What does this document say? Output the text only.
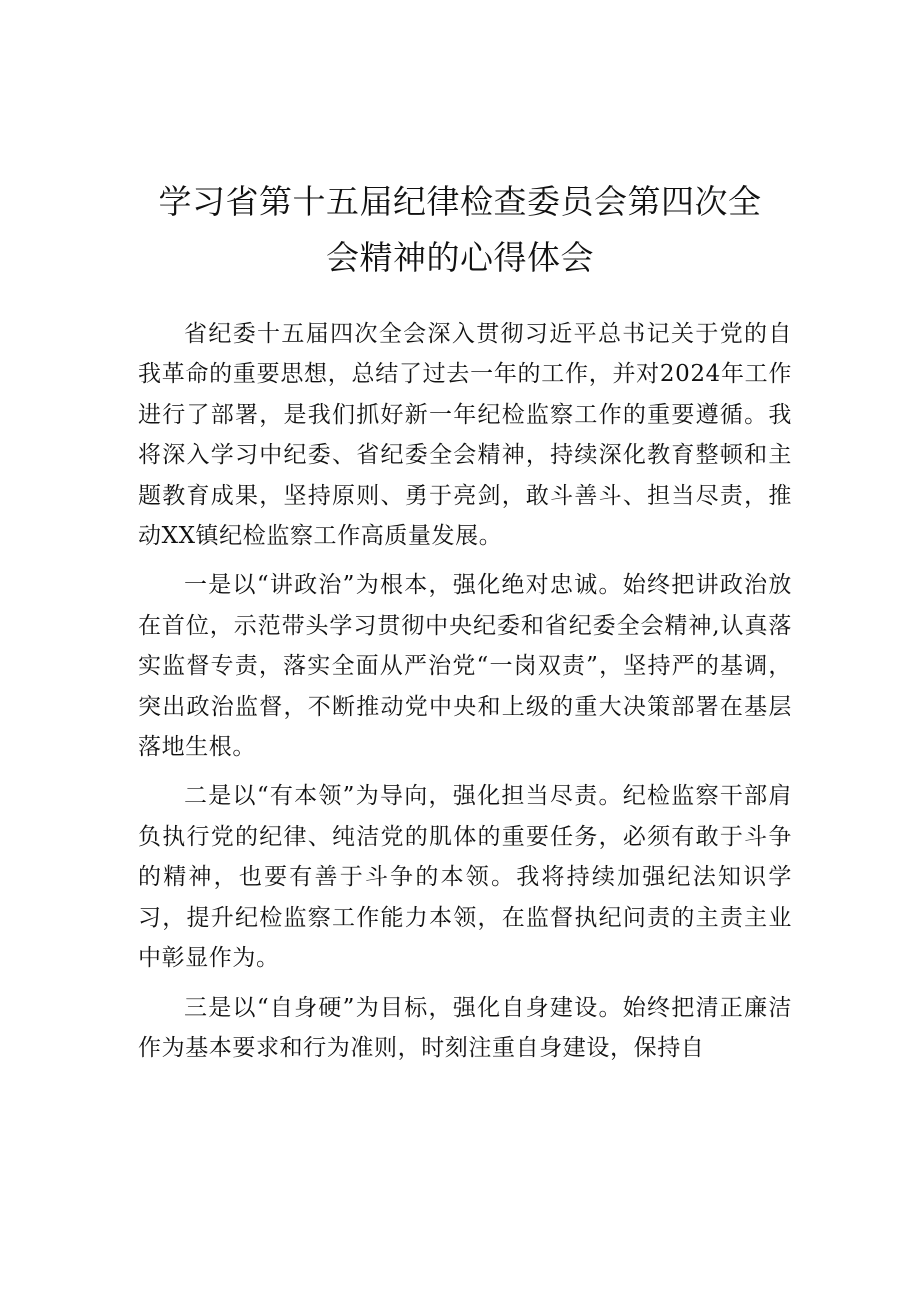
学习省第十五届纪律检查委员会第四次全
会精神的心得体会

省纪委十五届四次全会深入贯彻习近平总书记关于党的自我革命的重要思想，总结了过去一年的工作，并对2024年工作进行了部署，是我们抓好新一年纪检监察工作的重要遵循。我将深入学习中纪委、省纪委全会精神，持续深化教育整顿和主题教育成果，坚持原则、勇于亮剑，敢斗善斗、担当尽责，推动XX镇纪检监察工作高质量发展。

一是以“讲政治”为根本，强化绝对忠诚。始终把讲政治放在首位，示范带头学习贯彻中央纪委和省纪委全会精神,认真落实监督专责，落实全面从严治党“一岗双责”，坚持严的基调，突出政治监督，不断推动党中央和上级的重大决策部署在基层落地生根。

二是以“有本领”为导向，强化担当尽责。纪检监察干部肩负执行党的纪律、纯洁党的肌体的重要任务，必须有敢于斗争的精神，也要有善于斗争的本领。我将持续加强纪法知识学习，提升纪检监察工作能力本领，在监督执纪问责的主责主业中彰显作为。

三是以“自身硬”为目标，强化自身建设。始终把清正廉洁作为基本要求和行为准则，时刻注重自身建设，保持自
